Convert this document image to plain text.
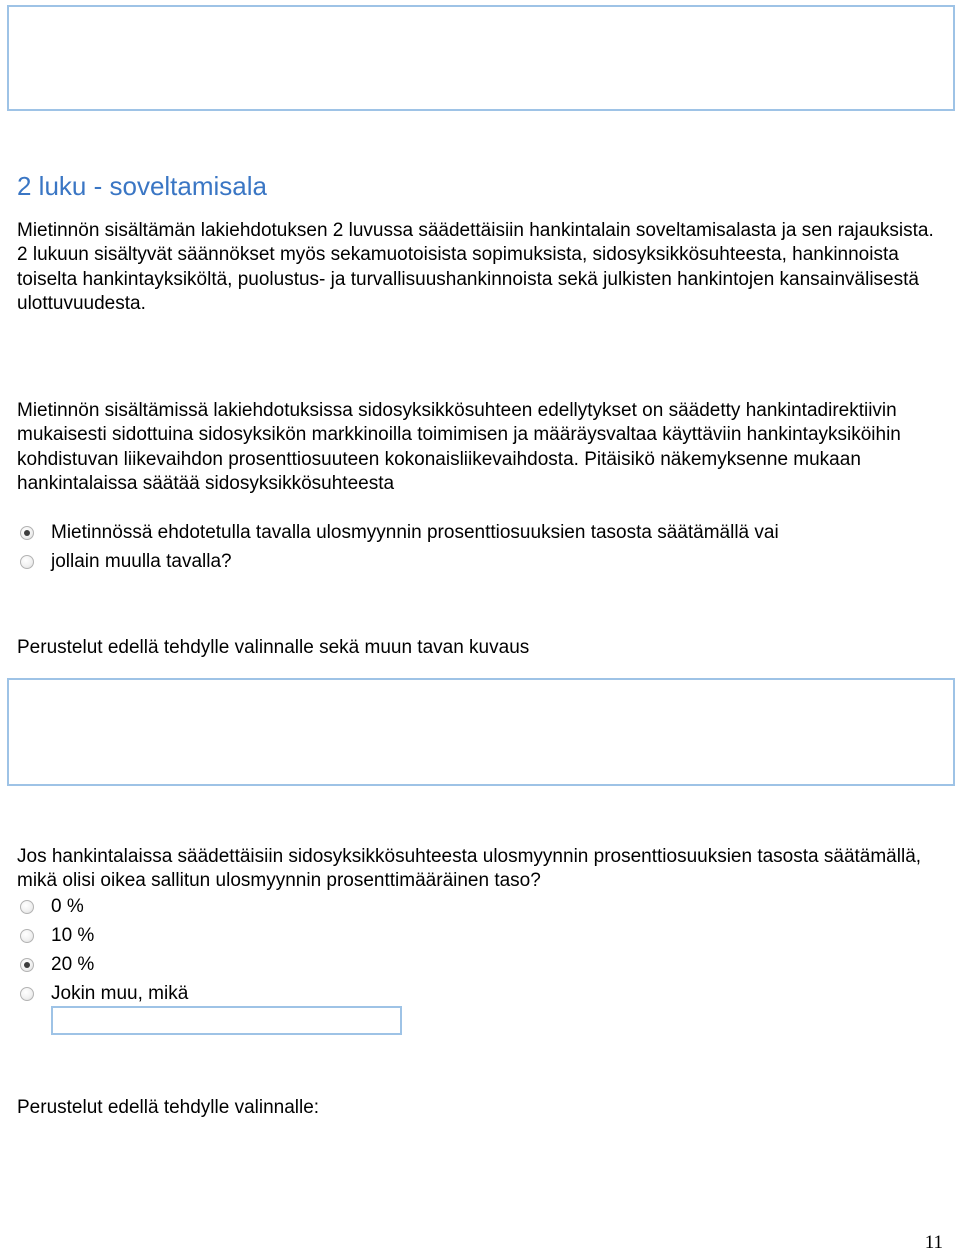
2 luku - soveltamisala

Mietinnön sisältämän lakiehdotuksen 2 luvussa säädettäisiin hankintalain soveltamisalasta ja sen rajauksista. 2 lukuun sisältyvät säännökset myös sekamuotoisista sopimuksista, sidosyksikkösuhteesta, hankinnoista toiselta hankintayksiköltä, puolustus- ja turvallisuushankinnoista sekä julkisten hankintojen kansainvälisestä ulottuvuudesta.

Mietinnön sisältämissä lakiehdotuksissa sidosyksikkösuhteen edellytykset on säädetty hankintadirektiivin mukaisesti sidottuina sidosyksikön markkinoilla toimimisen ja määräysvaltaa käyttäviin hankintayksiköihin kohdistuvan liikevaihdon prosenttiosuuteen kokonaisliikevaihdosta. Pitäisikö näkemyksenne mukaan hankintalaissa säätää sidosyksikkösuhteesta

Mietinnössä ehdotetulla tavalla ulosmyynnin prosenttiosuuksien tasosta säätämällä vai
jollain muulla tavalla?

Perustelut edellä tehdylle valinnalle sekä muun tavan kuvaus

Jos hankintalaissa säädettäisiin sidosyksikkösuhteesta ulosmyynnin prosenttiosuuksien tasosta säätämällä, mikä olisi oikea sallitun ulosmyynnin prosenttimääräinen taso?

0 %
10 %
20 %
Jokin muu, mikä

Perustelut edellä tehdylle valinnalle:

11
